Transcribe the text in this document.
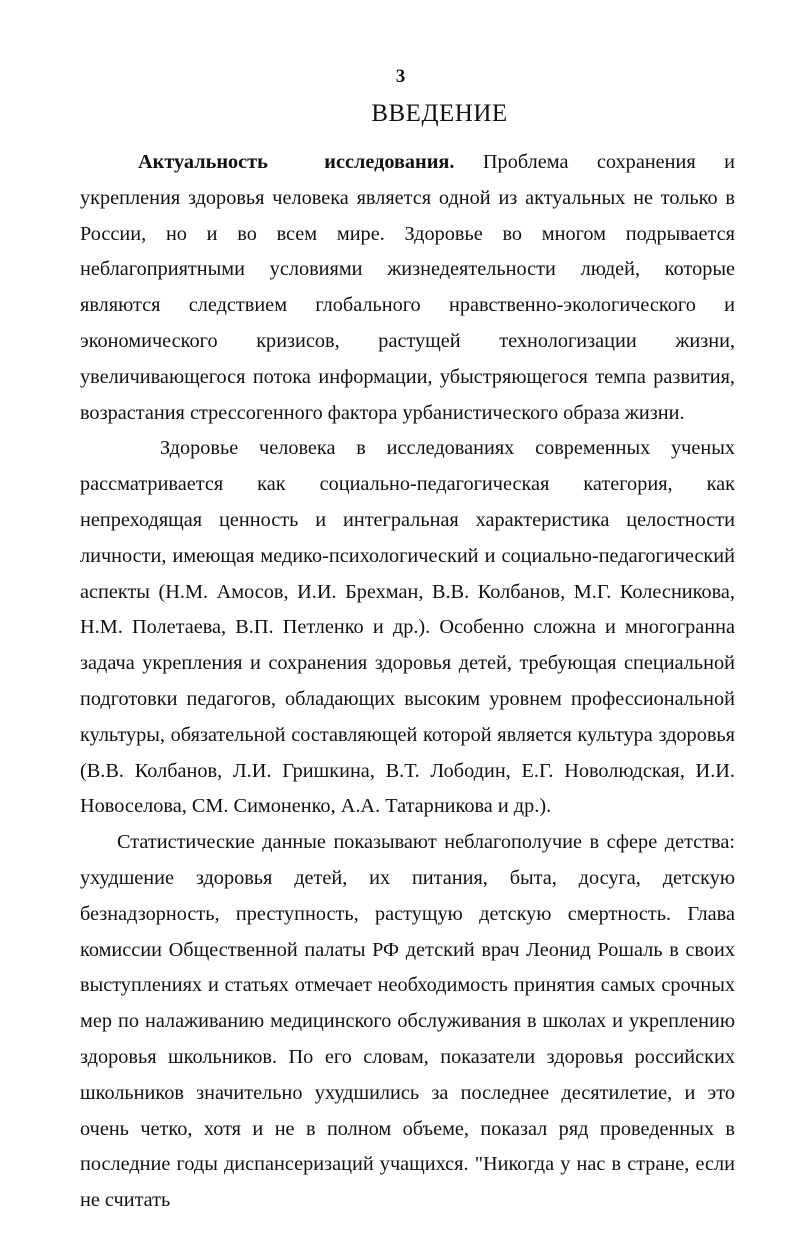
3
ВВЕДЕНИЕ

Актуальность исследования. Проблема сохранения и укрепления здоровья человека является одной из актуальных не только в России, но и во всем мире. Здоровье во многом подрывается неблагоприятными условиями жизнедеятельности людей, которые являются следствием глобального нравственно-экологического и экономического кризисов, растущей технологизации жизни, увеличивающегося потока информации, убыстряющегося темпа развития, возрастания стрессогенного фактора урбанистического образа жизни.

Здоровье человека в исследованиях современных ученых рассматривается как социально-педагогическая категория, как непреходящая ценность и интегральная характеристика целостности личности, имеющая медико-психологический и социально-педагогический аспекты (Н.М. Амосов, И.И. Брехман, В.В. Колбанов, М.Г. Колесникова, Н.М. Полетаева, В.П. Петленко и др.). Особенно сложна и многогранна задача укрепления и сохранения здоровья детей, требующая специальной подготовки педагогов, обладающих высоким уровнем профессиональной культуры, обязательной составляющей которой является культура здоровья (В.В. Колбанов, Л.И. Гришкина, В.Т. Лободин, Е.Г. Новолюдская, И.И. Новоселова, СМ. Симоненко, А.А. Татарникова и др.).

Статистические данные показывают неблагополучие в сфере детства: ухудшение здоровья детей, их питания, быта, досуга, детскую безнадзорность, преступность, растущую детскую смертность. Глава комиссии Общественной палаты РФ детский врач Леонид Рошаль в своих выступлениях и статьях отмечает необходимость принятия самых срочных мер по налаживанию медицинского обслуживания в школах и укреплению здоровья школьников. По его словам, показатели здоровья российских школьников значительно ухудшились за последнее десятилетие, и это очень четко, хотя и не в полном объеме, показал ряд проведенных в последние годы диспансеризаций учащихся. "Никогда у нас в стране, если не считать
